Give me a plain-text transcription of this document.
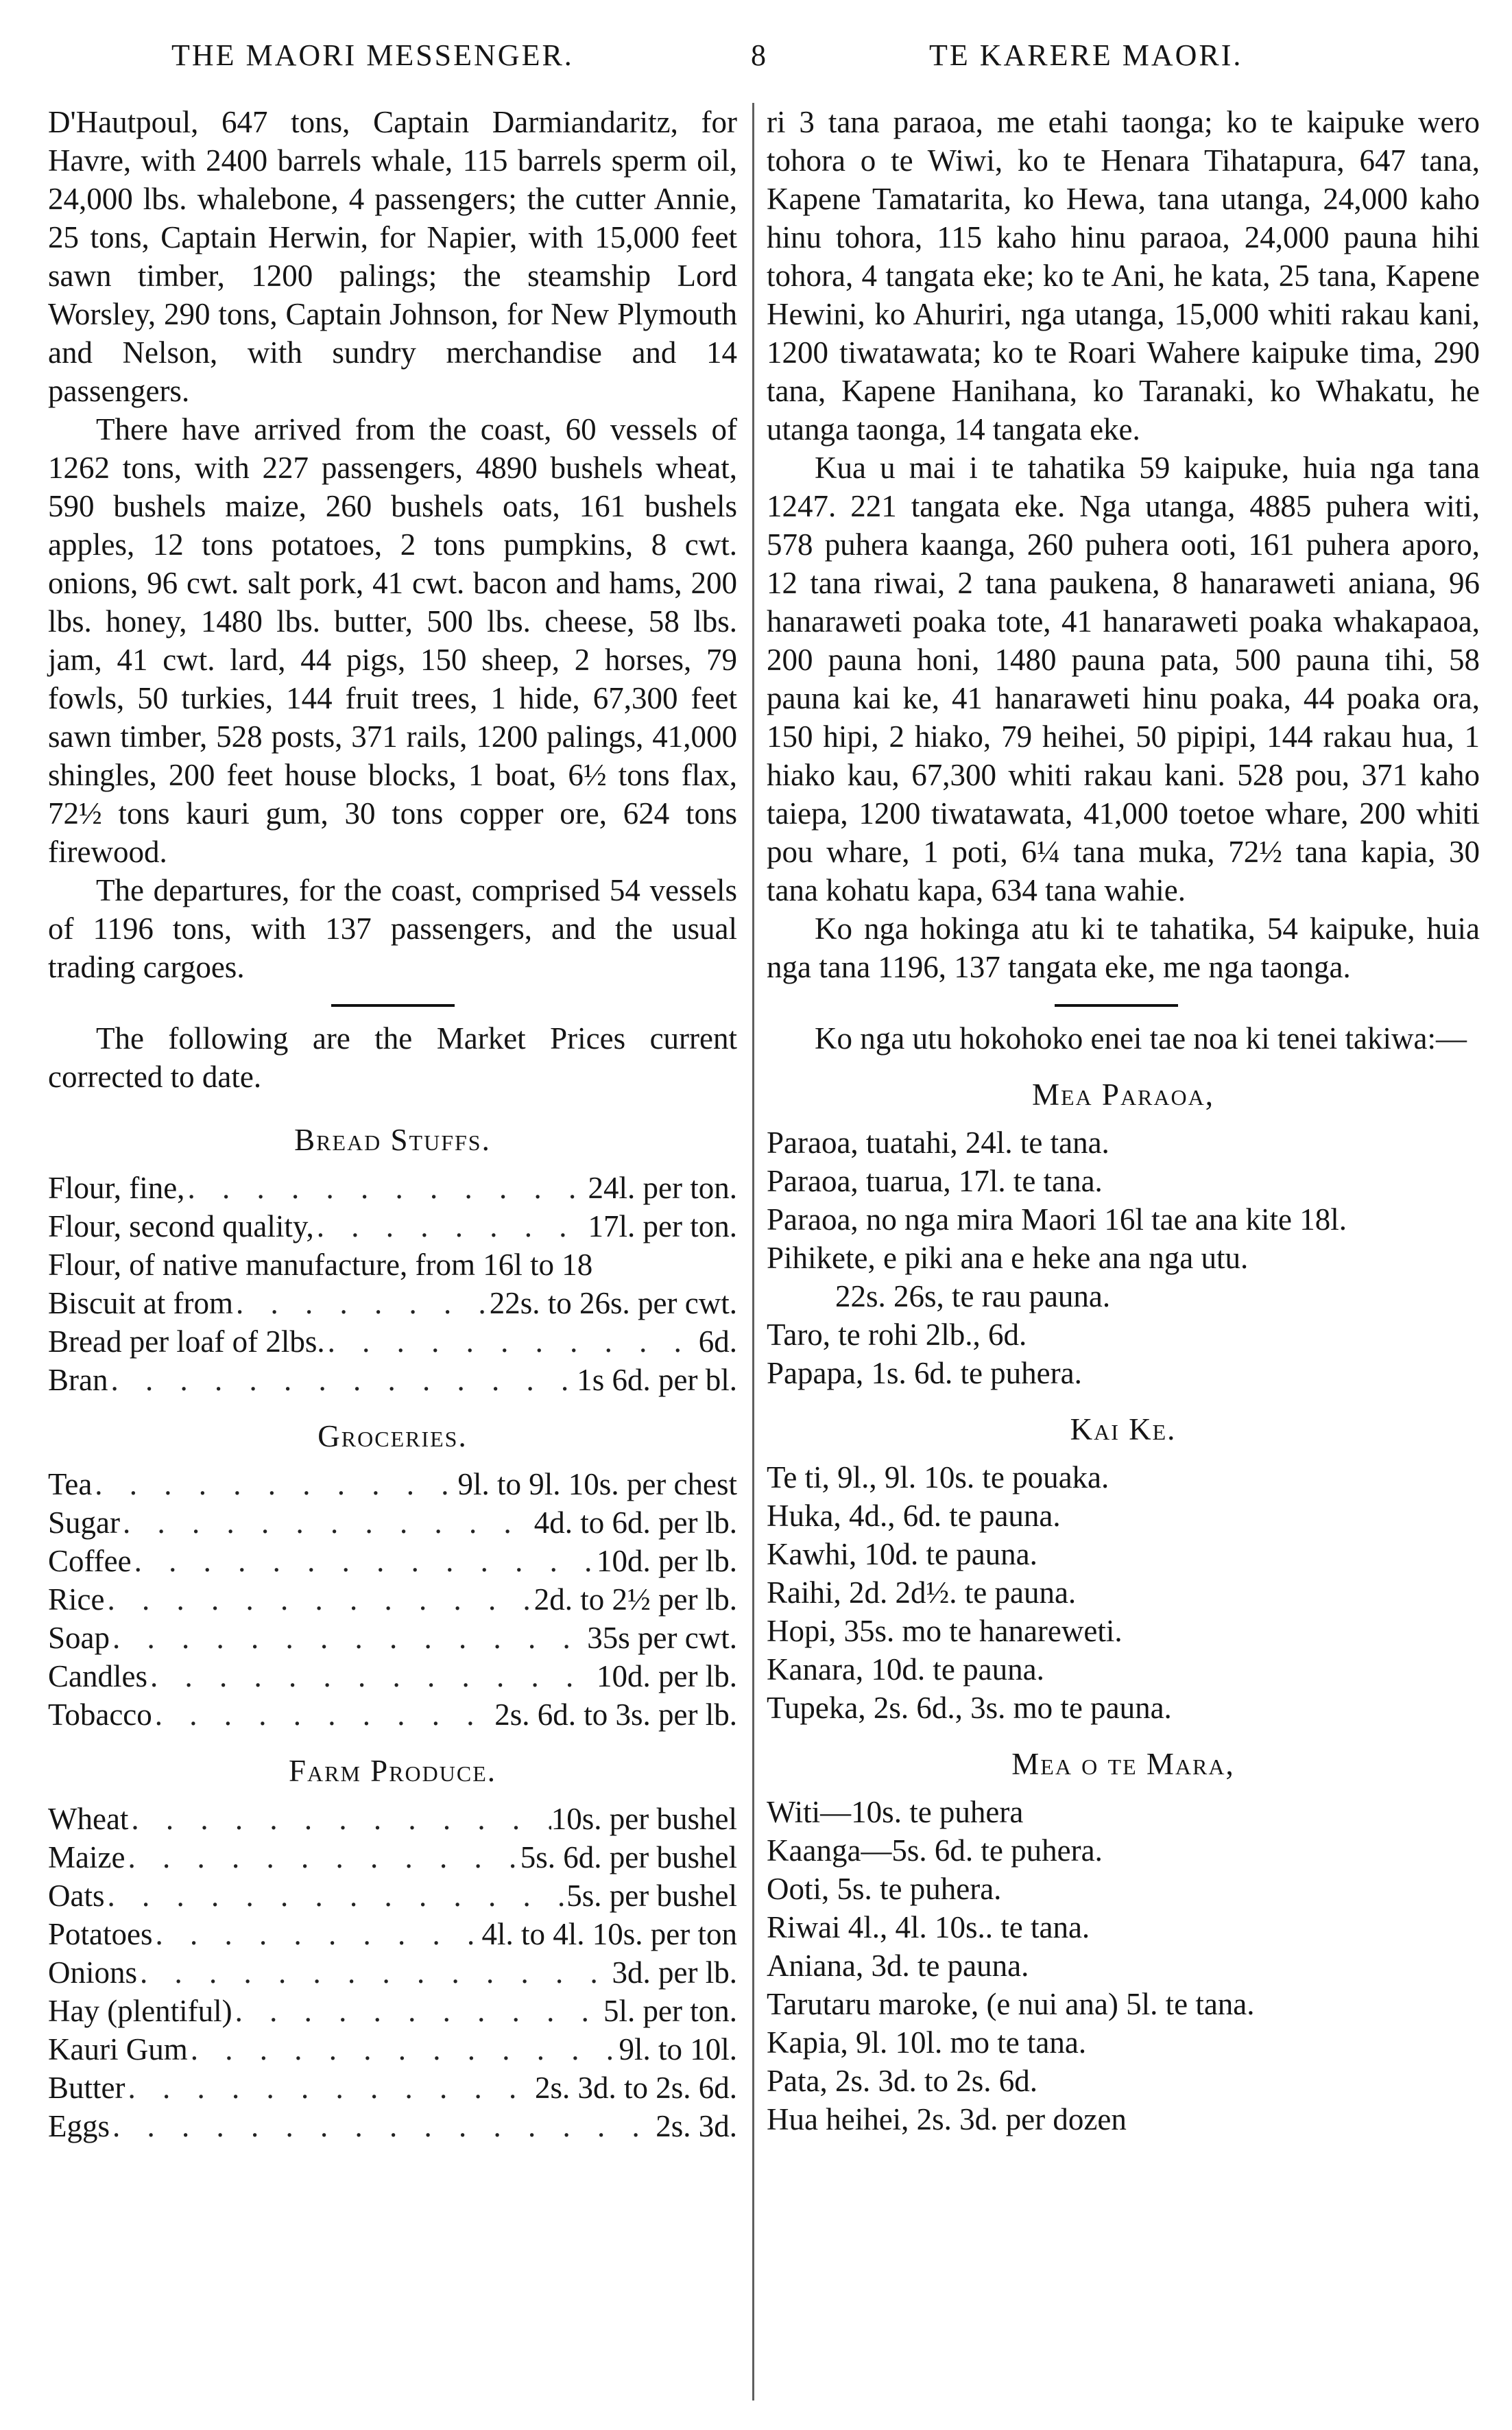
THE MAORI MESSENGER.	8	TE KARERE MAORI.

D'Hautpoul, 647 tons, Captain Darmiandaritz, for Havre, with 2400 barrels whale, 115 barrels sperm oil, 24,000 lbs. whalebone, 4 passengers; the cutter Annie, 25 tons, Captain Herwin, for Napier, with 15,000 feet sawn timber, 1200 palings; the steamship Lord Worsley, 290 tons, Captain Johnson, for New Plymouth and Nelson, with sundry merchandise and 14 passengers.

There have arrived from the coast, 60 vessels of 1262 tons, with 227 passengers, 4890 bushels wheat, 590 bushels maize, 260 bushels oats, 161 bushels apples, 12 tons potatoes, 2 tons pumpkins, 8 cwt. onions, 96 cwt. salt pork, 41 cwt. bacon and hams, 200 lbs. honey, 1480 lbs. butter, 500 lbs. cheese, 58 lbs. jam, 41 cwt. lard, 44 pigs, 150 sheep, 2 horses, 79 fowls, 50 turkies, 144 fruit trees, 1 hide, 67,300 feet sawn timber, 528 posts, 371 rails, 1200 palings, 41,000 shingles, 200 feet house blocks, 1 boat, 6½ tons flax, 72½ tons kauri gum, 30 tons copper ore, 624 tons firewood.

The departures, for the coast, comprised 54 vessels of 1196 tons, with 137 passengers, and the usual trading cargoes.

The following are the Market Prices current corrected to date.

Bread Stuffs.
Flour, fine, . . .	24l. per ton.
Flour, second quality, . . .	17l. per ton.
Flour, of native manufacture, from 16l to 18
Biscuit at from . . .	22s. to 26s. per cwt.
Bread per loaf of 2lbs. . . .	6d.
Bran . . .	1s 6d. per bl.
Groceries.
Tea . . .	9l. to 9l. 10s. per chest
Sugar . . .	4d. to 6d. per lb.
Coffee . . .	10d. per lb.
Rice . . .	2d. to 2½ per lb.
Soap . . .	35s per cwt.
Candles . . .	10d. per lb.
Tobacco . . .	2s. 6d. to 3s. per lb.
Farm Produce.
Wheat . . .	10s. per bushel
Maize . . .	5s. 6d. per bushel
Oats . . .	5s. per bushel
Potatoes . . .	4l. to 4l. 10s. per ton
Onions . . .	3d. per lb.
Hay (plentiful) . . .	5l. per ton.
Kauri Gum . . .	9l. to 10l.
Butter . . .	2s. 3d. to 2s. 6d.
Eggs . . .	2s. 3d.

ri 3 tana paraoa, me etahi taonga; ko te kaipuke wero tohora o te Wiwi, ko te Henara Tihatapura, 647 tana, Kapene Tamatarita, ko Hewa, tana utanga, 24,000 kaho hinu tohora, 115 kaho hinu paraoa, 24,000 pauna hihi tohora, 4 tangata eke; ko te Ani, he kata, 25 tana, Kapene Hewini, ko Ahuriri, nga utanga, 15,000 whiti rakau kani, 1200 tiwatawata; ko te Roari Wahere kaipuke tima, 290 tana, Kapene Hanihana, ko Taranaki, ko Whakatu, he utanga taonga, 14 tangata eke.

Kua u mai i te tahatika 59 kaipuke, huia nga tana 1247. 221 tangata eke. Nga utanga, 4885 puhera witi, 578 puhera kaanga, 260 puhera ooti, 161 puhera aporo, 12 tana riwai, 2 tana paukena, 8 hanaraweti aniana, 96 hanaraweti poaka tote, 41 hanaraweti poaka whakapaoa, 200 pauna honi, 1480 pauna pata, 500 pauna tihi, 58 pauna kai ke, 41 hanaraweti hinu poaka, 44 poaka ora, 150 hipi, 2 hiako, 79 heihei, 50 pipipi, 144 rakau hua, 1 hiako kau, 67,300 whiti rakau kani. 528 pou, 371 kaho taiepa, 1200 tiwatawata, 41,000 toetoe whare, 200 whiti pou whare, 1 poti, 6¼ tana muka, 72½ tana kapia, 30 tana kohatu kapa, 634 tana wahie.

Ko nga hokinga atu ki te tahatika, 54 kaipuke, huia nga tana 1196, 137 tangata eke, me nga taonga.

Ko nga utu hokohoko enei tae noa ki tenei takiwa:—

Mea Paraoa,
Paraoa, tuatahi, 24l. te tana.
Paraoa, tuarua, 17l. te tana.
Paraoa, no nga mira Maori 16l tae ana kite 18l.
Pihikete, e piki ana e heke ana nga utu.
22s. 26s, te rau pauna.
Taro, te rohi 2lb., 6d.
Papapa, 1s. 6d. te puhera.
Kai Ke.
Te ti, 9l., 9l. 10s. te pouaka.
Huka, 4d., 6d. te pauna.
Kawhi, 10d. te pauna.
Raihi, 2d. 2d½. te pauna.
Hopi, 35s. mo te hanareweti.
Kanara, 10d. te pauna.
Tupeka, 2s. 6d., 3s. mo te pauna.
Mea o te Mara,
Witi—10s. te puhera
Kaanga—5s. 6d. te puhera.
Ooti, 5s. te puhera.
Riwai 4l., 4l. 10s.. te tana.
Aniana, 3d. te pauna.
Tarutaru maroke, (e nui ana) 5l. te tana.
Kapia, 9l. 10l. mo te tana.
Pata, 2s. 3d. to 2s. 6d.
Hua heihei, 2s. 3d. per dozen
